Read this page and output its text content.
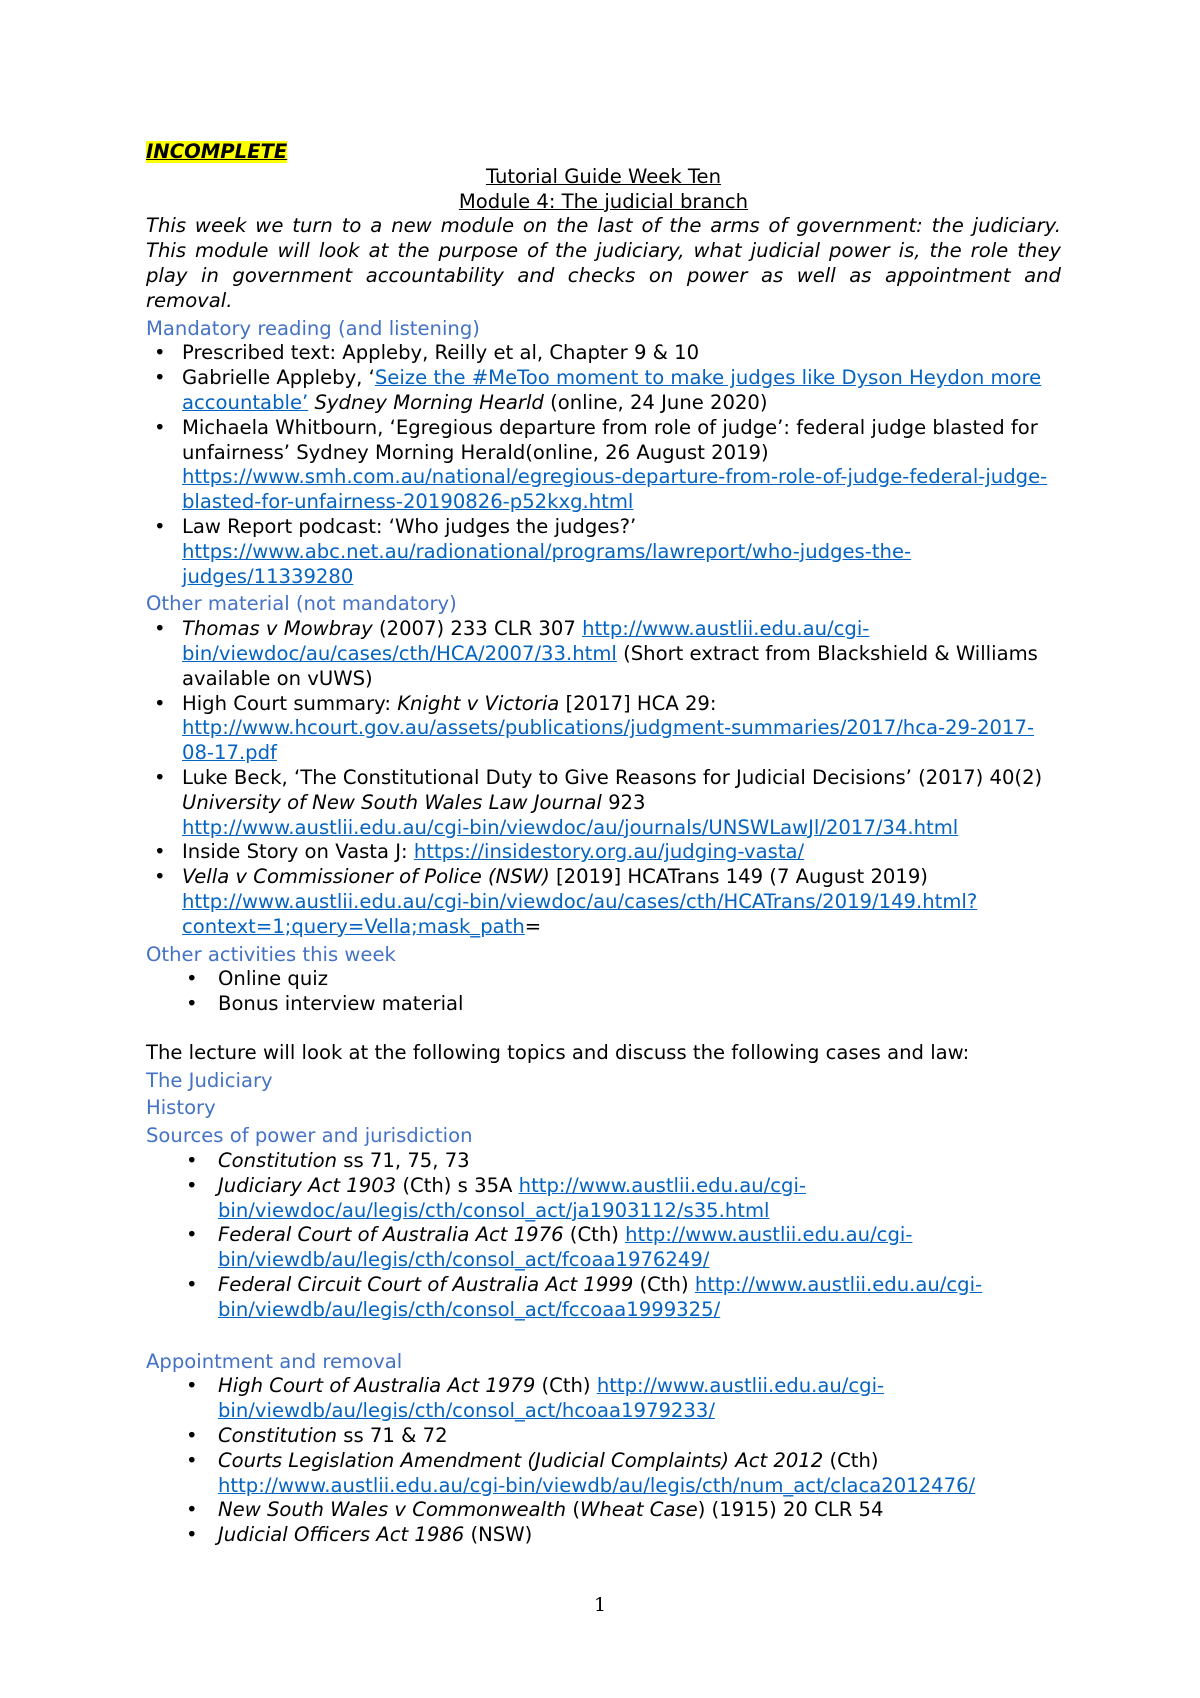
INCOMPLETE
Tutorial Guide Week Ten
Module 4: The judicial branch
This week we turn to a new module on the last of the arms of government: the judiciary. This module will look at the purpose of the judiciary, what judicial power is, the role they play in government accountability and checks on power as well as appointment and removal.
Mandatory reading (and listening)
• Prescribed text: Appleby, Reilly et al, Chapter 9 & 10
• Gabrielle Appleby, ‘Seize the #MeToo moment to make judges like Dyson Heydon more accountable’ Sydney Morning Hearld (online, 24 June 2020)
• Michaela Whitbourn, ‘Egregious departure from role of judge’: federal judge blasted for unfairness’ Sydney Morning Herald(online, 26 August 2019)
https://www.smh.com.au/national/egregious-departure-from-role-of-judge-federal-judge-blasted-for-unfairness-20190826-p52kxg.html
• Law Report podcast: ‘Who judges the judges?’
https://www.abc.net.au/radionational/programs/lawreport/who-judges-the-judges/11339280
Other material (not mandatory)
• Thomas v Mowbray (2007) 233 CLR 307 http://www.austlii.edu.au/cgi-bin/viewdoc/au/cases/cth/HCA/2007/33.html (Short extract from Blackshield & Williams available on vUWS)
• High Court summary: Knight v Victoria [2017] HCA 29:
http://www.hcourt.gov.au/assets/publications/judgment-summaries/2017/hca-29-2017-08-17.pdf
• Luke Beck, ‘The Constitutional Duty to Give Reasons for Judicial Decisions’ (2017) 40(2) University of New South Wales Law Journal 923
http://www.austlii.edu.au/cgi-bin/viewdoc/au/journals/UNSWLawJl/2017/34.html
• Inside Story on Vasta J: https://insidestory.org.au/judging-vasta/
• Vella v Commissioner of Police (NSW) [2019] HCATrans 149 (7 August 2019)
http://www.austlii.edu.au/cgi-bin/viewdoc/au/cases/cth/HCATrans/2019/149.html?context=1;query=Vella;mask_path=
Other activities this week
• Online quiz
• Bonus interview material
The lecture will look at the following topics and discuss the following cases and law:
The Judiciary
History
Sources of power and jurisdiction
• Constitution ss 71, 75, 73
• Judiciary Act 1903 (Cth) s 35A http://www.austlii.edu.au/cgi-bin/viewdoc/au/legis/cth/consol_act/ja1903112/s35.html
• Federal Court of Australia Act 1976 (Cth) http://www.austlii.edu.au/cgi-bin/viewdb/au/legis/cth/consol_act/fcoaa1976249/
• Federal Circuit Court of Australia Act 1999 (Cth) http://www.austlii.edu.au/cgi-bin/viewdb/au/legis/cth/consol_act/fccoaa1999325/
Appointment and removal
• High Court of Australia Act 1979 (Cth) http://www.austlii.edu.au/cgi-bin/viewdb/au/legis/cth/consol_act/hcoaa1979233/
• Constitution ss 71 & 72
• Courts Legislation Amendment (Judicial Complaints) Act 2012 (Cth)
http://www.austlii.edu.au/cgi-bin/viewdb/au/legis/cth/num_act/claca2012476/
• New South Wales v Commonwealth (Wheat Case) (1915) 20 CLR 54
• Judicial Officers Act 1986 (NSW)
1
